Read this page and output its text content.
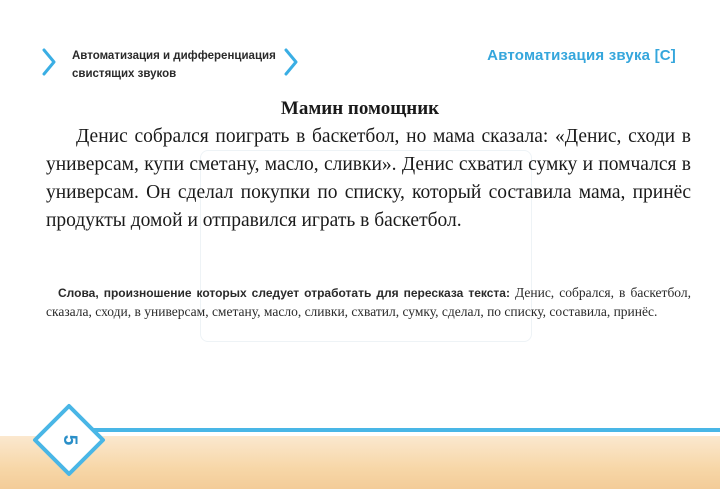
Автоматизация и дифференциация
свистящих звуков
Автоматизация звука [С]
Мамин помощник

Денис собрался поиграть в баскетбол, но мама сказала: «Денис, сходи в универсам, купи сметану, масло, сливки». Денис схватил сумку и помчался в универсам. Он сделал покупки по списку, который составила мама, принёс продукты домой и отправился играть в баскетбол.

Слова, произношение которых следует отработать для пересказа текста: Денис, собрался, в баскетбол, сказала, сходи, в универсам, сметану, масло, сливки, схватил, сумку, сделал, по списку, составила, принёс.
5
